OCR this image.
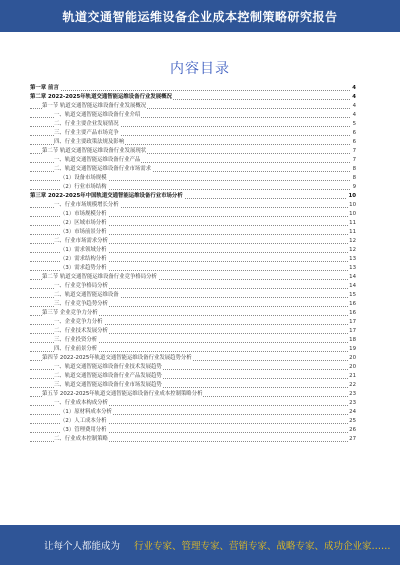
轨道交通智能运维设备企业成本控制策略研究报告
内容目录
第一章 前言	4
第二章 2022-2025年轨道交通智能运维设备行业发展概况	4
第一节 轨道交通智能运维设备行业发展概况	4
一、轨道交通智能运维设备行业介绍	4
二、行业主要企业发展情况	5
三、行业主要产品市场竞争	6
四、行业主要政策法规及影响	6
第二节 轨道交通智能运维设备行业发展现状	7
一、轨道交通智能运维设备行业产品	7
二、轨道交通智能运维设备行业市场需求	8
（1）设备市场规模	8
（2）行业市场结构	9
第三章 2022-2025年中国轨道交通智能运维设备行业市场分析	10
一、行业市场规模增长分析	10
（1）市场规模分析	10
（2）区域市场分析	11
（3）市场前景分析	11
二、行业市场需求分析	12
（1）需求领域分析	12
（2）需求结构分析	13
（3）需求趋势分析	13
第二节 轨道交通智能运维设备行业竞争格局分析	14
一、行业竞争格局分析	14
二、轨道交通智能运维设备	15
三、行业竞争趋势分析	16
第三节 企业竞争力分析	16
一、企业竞争力分析	17
二、行业技术发展分析	17
三、行业投资分析	18
四、行业前景分析	19
第四节 2022-2025年轨道交通智能运维设备行业发展趋势分析	20
一、轨道交通智能运维设备行业技术发展趋势	20
二、轨道交通智能运维设备行业产品发展趋势	21
三、轨道交通智能运维设备行业市场发展趋势	22
第五节 2022-2025年轨道交通智能运维设备行业成本控制策略分析	23
一、行业成本构成分析	23
（1）原材料成本分析	24
（2）人工成本分析	25
（3）管理费用分析	26
二、行业成本控制策略	27
让每个人都能成为 行业专家、管理专家、营销专家、战略专家、成功企业家……
